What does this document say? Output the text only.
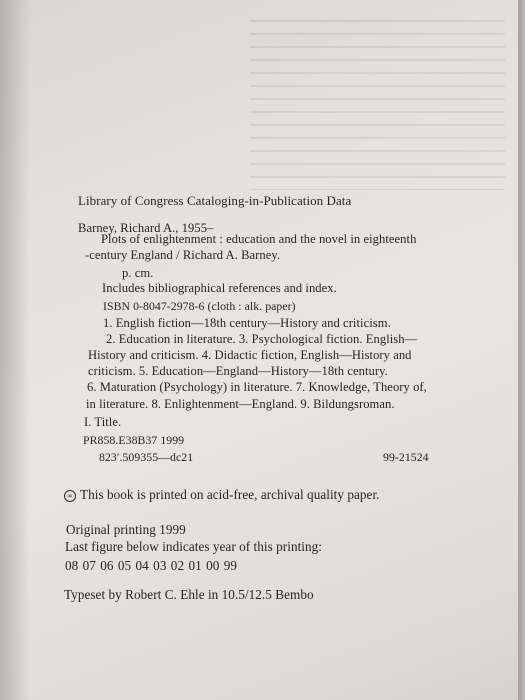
Library of Congress Cataloging-in-Publication Data
Barney, Richard A., 1955–
Plots of enlightenment : education and the novel in eighteenth
-century England / Richard A. Barney.
p. cm.
Includes bibliographical references and index.
ISBN 0-8047-2978-6 (cloth : alk. paper)
1. English fiction—18th century—History and criticism.
2. Education in literature. 3. Psychological fiction. English—
History and criticism. 4. Didactic fiction, English—History and
criticism. 5. Education—England—History—18th century.
6. Maturation (Psychology) in literature. 7. Knowledge, Theory of,
in literature. 8. Enlightenment—England. 9. Bildungsroman.
I. Title.
PR858.E38B37 1999
823′.509355—dc21	99-21524
∞ This book is printed on acid-free, archival quality paper.
Original printing 1999
Last figure below indicates year of this printing:
08 07 06 05 04 03 02 01 00 99
Typeset by Robert C. Ehle in 10.5/12.5 Bembo
